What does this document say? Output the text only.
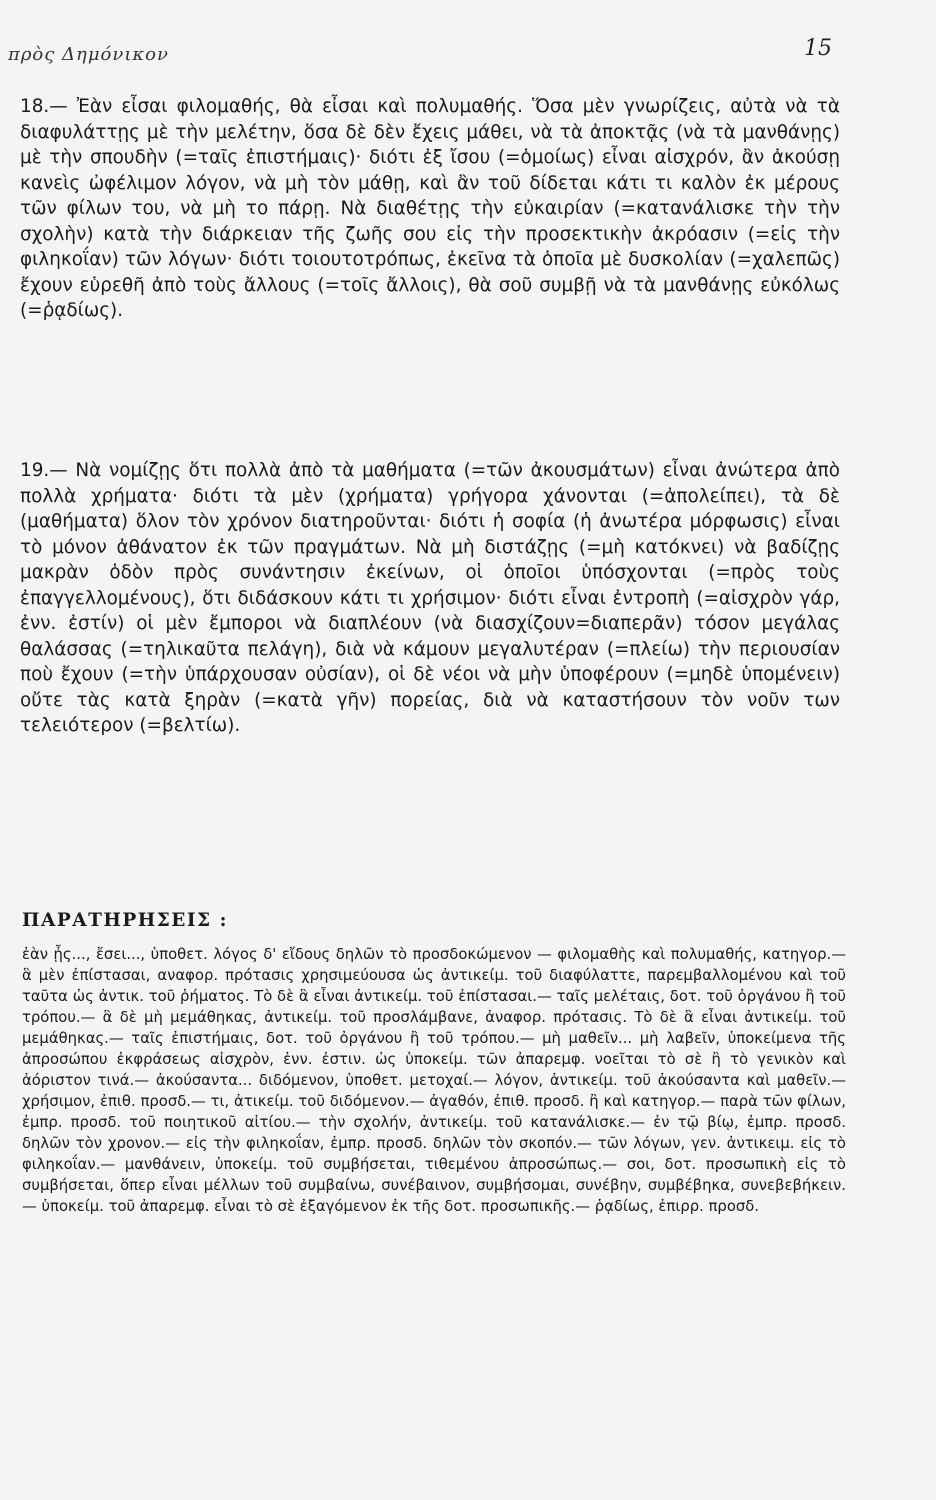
πρὸς Δημόνικον	15

18.— Ἐὰν εἶσαι φιλομαθής, θὰ εἶσαι καὶ πολυμαθής. Ὅσα μὲν γνωρίζεις, αὐτὰ νὰ τὰ διαφυλάττῃς μὲ τὴν μελέτην, ὅσα δὲ δὲν ἔχεις μάθει, νὰ τὰ ἀποκτᾷς (νὰ τὰ μανθάνῃς) μὲ τὴν σπουδὴν (=ταῖς ἐπιστήμαις)· διότι ἐξ ἴσου (=ὁμοίως) εἶναι αἰσχρόν, ἂν ἀκούσῃ κανεὶς ὠφέλιμον λόγον, νὰ μὴ τὸν μάθῃ, καὶ ἂν τοῦ δίδεται κάτι τι καλὸν ἐκ μέρους τῶν φίλων του, νὰ μὴ το πάρῃ. Νὰ διαθέτῃς τὴν εὐκαιρίαν (=κατανάλισκε τὴν τὴν σχολὴν) κατὰ τὴν διάρκειαν τῆς ζωῆς σου εἰς τὴν προσεκτικὴν ἀκρόασιν (=εἰς τὴν φιληκοΐαν) τῶν λόγων· διότι τοιουτοτρόπως, ἐκεῖνα τὰ ὁποῖα μὲ δυσκολίαν (=χαλεπῶς) ἔχουν εὑρεθῆ ἀπὸ τοὺς ἄλλους (=τοῖς ἄλλοις), θὰ σοῦ συμβῇ νὰ τὰ μανθάνῃς εὐκόλως (=ῥᾳδίως).

19.— Νὰ νομίζῃς ὅτι πολλὰ ἀπὸ τὰ μαθήματα (=τῶν ἀκουσμάτων) εἶναι ἀνώτερα ἀπὸ πολλὰ χρήματα· διότι τὰ μὲν (χρήματα) γρήγορα χάνονται (=ἀπολείπει), τὰ δὲ (μαθήματα) ὅλον τὸν χρόνον διατηροῦνται· διότι ἡ σοφία (ἡ ἀνωτέρα μόρφωσις) εἶναι τὸ μόνον ἀθάνατον ἐκ τῶν πραγμάτων. Νὰ μὴ διστάζῃς (=μὴ κατόκνει) νὰ βαδίζῃς μακρὰν ὁδὸν πρὸς συνάντησιν ἐκείνων, οἱ ὁποῖοι ὑπόσχονται (=πρὸς τοὺς ἐπαγγελλομένους), ὅτι διδάσκουν κάτι τι χρήσιμον· διότι εἶναι ἐντροπὴ (=αἰσχρὸν γάρ, ἐνν. ἐστίν) οἱ μὲν ἔμποροι νὰ διαπλέουν (νὰ διασχίζουν=διαπερᾶν) τόσον μεγάλας θαλάσσας (=τηλικαῦτα πελάγη), διὰ νὰ κάμουν μεγαλυτέραν (=πλείω) τὴν περιουσίαν ποὺ ἔχουν (=τὴν ὑπάρχουσαν οὐσίαν), οἱ δὲ νέοι νὰ μὴν ὑποφέρουν (=μηδὲ ὑπομένειν) οὔτε τὰς κατὰ ξηρὰν (=κατὰ γῆν) πορείας, διὰ νὰ καταστήσουν τὸν νοῦν των τελειότερον (=βελτίω).

ΠΑΡΑΤΗΡΗΣΕΙΣ :

ἐὰν ᾖς..., ἔσει..., ὑποθετ. λόγος δ' εἴδους δηλῶν τὸ προσδοκώμενον — φιλομαθὴς καὶ πολυμαθής, κατηγορ.— ἃ μὲν ἐπίστασαι, αναφορ. πρότασις χρησιμεύουσα ὡς ἀντικείμ. τοῦ διαφύλαττε, παρεμβαλλομένου καὶ τοῦ ταῦτα ὡς ἀντικ. τοῦ ῥήματος. Τὸ δὲ ἃ εἶναι ἀντικείμ. τοῦ ἐπίστασαι.— ταῖς μελέταις, δοτ. τοῦ ὀργάνου ἢ τοῦ τρόπου.— ἃ δὲ μὴ μεμάθηκας, ἀντικείμ. τοῦ προσλάμβανε, ἀναφορ. πρότασις. Τὸ δὲ ἃ εἶναι ἀντικείμ. τοῦ μεμάθηκας.— ταῖς ἐπιστήμαις, δοτ. τοῦ ὀργάνου ἢ τοῦ τρόπου.— μὴ μαθεῖν... μὴ λαβεῖν, ὑποκείμενα τῆς ἀπροσώπου ἐκφράσεως αἰσχρὸν, ἐνν. ἐστιν. ὡς ὑποκείμ. τῶν ἀπαρεμφ. νοεῖται τὸ σὲ ἢ τὸ γενικὸν καὶ ἀόριστον τινά.— ἀκούσαντα... διδόμενον, ὑποθετ. μετοχαί.— λόγον, ἀντικείμ. τοῦ ἀκούσαντα καὶ μαθεῖν.— χρήσιμον, ἐπιθ. προσδ.— τι, ἀτικείμ. τοῦ διδόμενον.— ἀγαθόν, ἐπιθ. προσδ. ἢ καὶ κατηγορ.— παρὰ τῶν φίλων, ἐμπρ. προσδ. τοῦ ποιητικοῦ αἰτίου.— τὴν σχολήν, ἀντικείμ. τοῦ κατανάλισκε.— ἐν τῷ βίῳ, ἐμπρ. προσδ. δηλῶν τὸν χρονον.— εἰς τὴν φιληκοΐαν, ἐμπρ. προσδ. δηλῶν τὸν σκοπόν.— τῶν λόγων, γεν. ἀντικειμ. εἰς τὸ φιληκοΐαν.— μανθάνειν, ὑποκείμ. τοῦ συμβήσεται, τιθεμένου ἀπροσώπως.— σοι, δοτ. προσωπικὴ εἰς τὸ συμβήσεται, ὅπερ εἶναι μέλλων τοῦ συμβαίνω, συνέβαινον, συμβήσομαι, συνέβην, συμβέβηκα, συνεβεβήκειν.— ὑποκείμ. τοῦ ἀπαρεμφ. εἶναι τὸ σὲ ἐξαγόμενον ἐκ τῆς δοτ. προσωπικῆς.— ῥᾳδίως, ἐπιρρ. προσδ.
